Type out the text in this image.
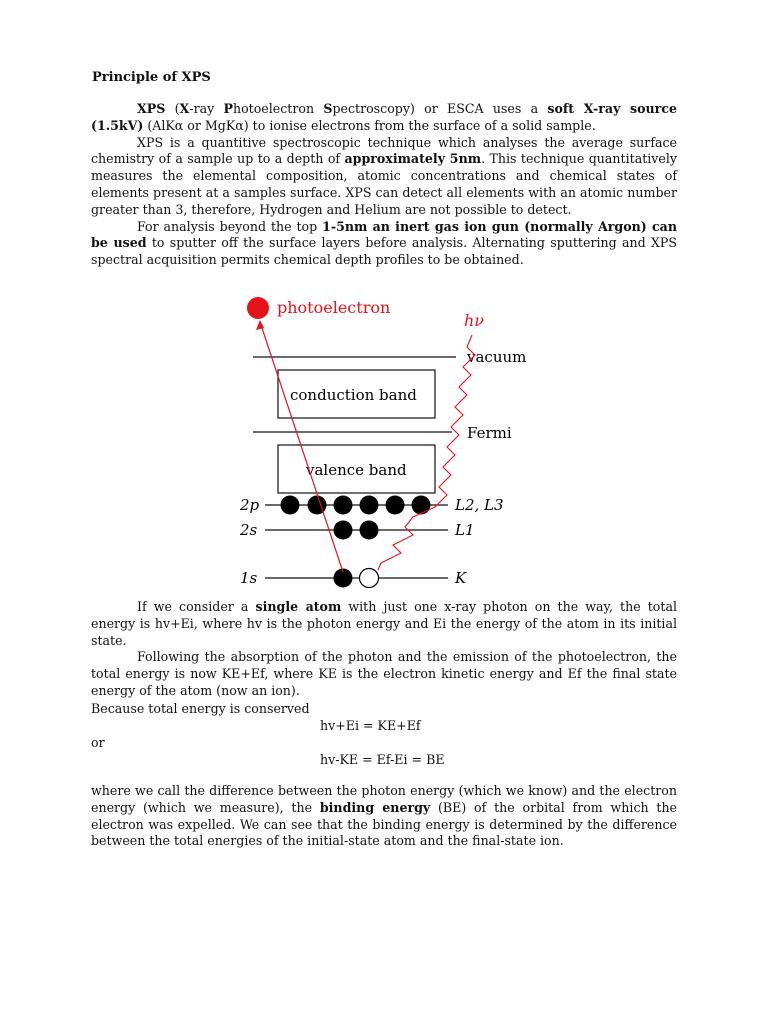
Principle of XPS

XPS (X-ray Photoelectron Spectroscopy) or ESCA uses a soft X-ray source (1.5kV) (AlKα or MgKα) to ionise electrons from the surface of a solid sample.

XPS is a quantitive spectroscopic technique which analyses the average surface chemistry of a sample up to a depth of approximately 5nm. This technique quantitatively measures the elemental composition, atomic concentrations and chemical states of elements present at a samples surface. XPS can detect all elements with an atomic number greater than 3, therefore, Hydrogen and Helium are not possible to detect.

For analysis beyond the top 1-5nm an inert gas ion gun (normally Argon) can be used to sputter off the surface layers before analysis. Alternating sputtering and XPS spectral acquisition permits chemical depth profiles to be obtained.

photoelectron
hν
vacuum
conduction band
Fermi
valence band
2p	L2, L3
2s	L1
1s	K

If we consider a single atom with just one x-ray photon on the way, the total energy is hv+Ei, where hv is the photon energy and Ei the energy of the atom in its initial state.

Following the absorption of the photon and the emission of the photoelectron, the total energy is now KE+Ef, where KE is the electron kinetic energy and Ef the final state energy of the atom (now an ion).

Because total energy is conserved
hv+Ei = KE+Ef
or
hv-KE = Ef-Ei = BE
where we call the difference between the photon energy (which we know) and the electron energy (which we measure), the binding energy (BE) of the orbital from which the electron was expelled. We can see that the binding energy is determined by the difference between the total energies of the initial-state atom and the final-state ion.
